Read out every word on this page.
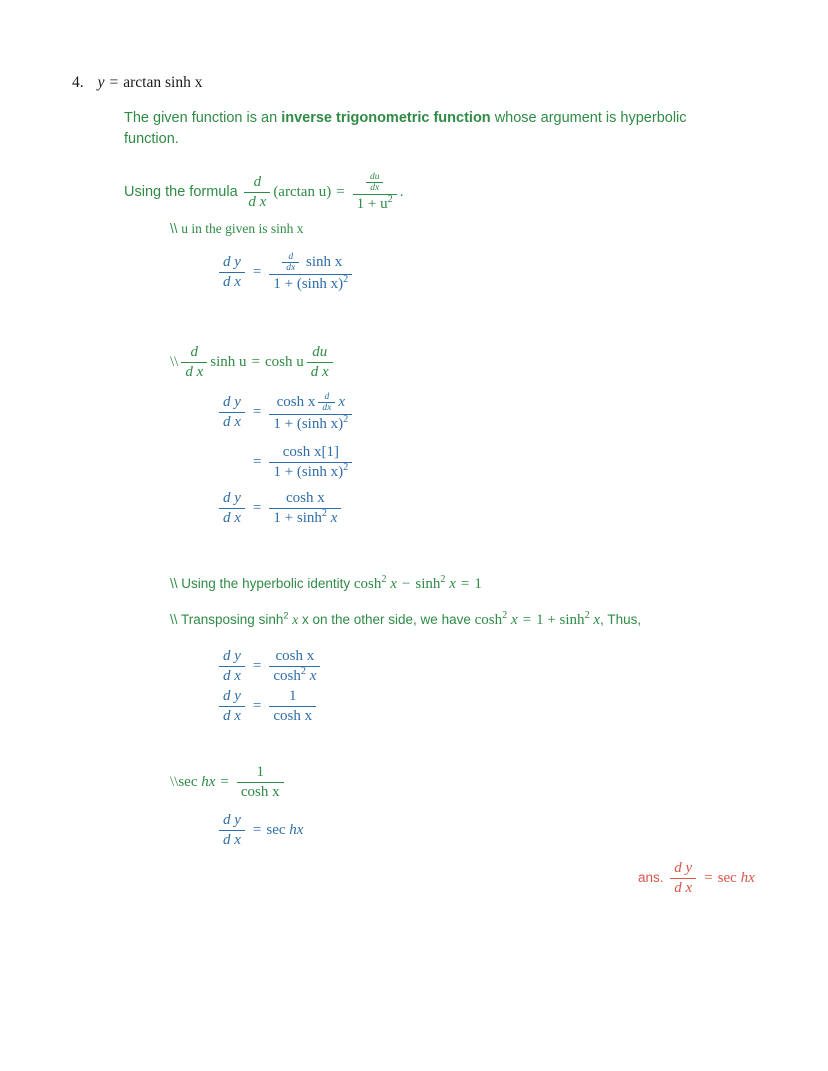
4. y = arctan sinh x
The given function is an inverse trigonometric function whose argument is hyperbolic function.
Using the formula $\frac{d}{\text{d x}} (\arctan$ $u) = \frac{\frac{du}{dx}}{1 + u^2}$ .
\\ u in the given is sinh x
$\frac{\text{d y}}{\text{d x}} = \frac{\frac{d}{dx} \sinh x}{1 + (\sinh x)^2}$
\\ $\frac{d}{\text{d x}}$ sinh u = cosh u $\frac{du}{\text{d x}}$
$\frac{\text{d y}}{\text{d x}} = \frac{\cosh x \frac{d}{dx} x}{1 + (\sinh x)^2}$
= $\frac{\text{cosh x[1]}}{1 + (\sinh x)^2}$
$\frac{\text{d y}}{\text{d x}} = \frac{\text{cosh x}}{1 + \sinh^2 x}$
\\ Using the hyperbolic identity $\cosh^2 x - \sinh^2 x = 1$
\\ Transposing $\sinh^2 x$ x on the other side, we have $\cosh^2 x = 1 + \sinh^2 x$, Thus,
$\frac{\text{d y}}{\text{d x}} = \frac{\text{cosh x}}{\cosh^2 x}$
$\frac{\text{d y}}{\text{d x}} = \frac{1}{\text{cosh x}}$
\\sec hx = $\frac{1}{\text{cosh x}}$
$\frac{\text{d y}}{\text{d x}} = \sec$ hx
ans. $\frac{\text{d y}}{\text{d x}} = \sec$ hx
